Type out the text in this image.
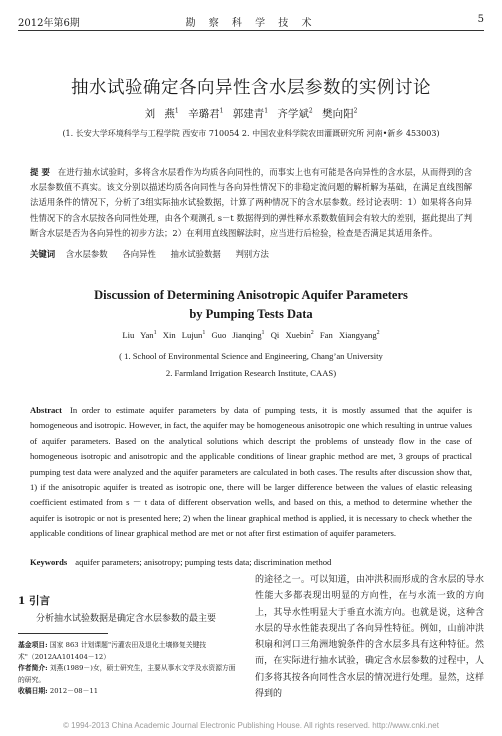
2012年第6期	勘 察 科 学 技 术	5
抽水试验确定各向异性含水层参数的实例讨论
刘 燕$^1$ 辛璐君$^1$ 郭建青$^1$ 齐学斌$^2$ 樊向阳$^2$
(1. 长安大学环境科学与工程学院 西安市 710054 2. 中国农业科学院农田灌溉研究所 河南•新乡 453003)
提 要 在进行抽水试验时，多将含水层看作为均质各向同性的，而事实上也有可能是各向异性的含水层，从而得到的含水层参数值不真实。该文分别以描述均质各向同性与各向异性情况下的非稳定流问题的解析解为基础，在满足直线图解法适用条件的情况下，分析了3组实际抽水试验数据，计算了两种情况下的含水层参数。经讨论表明：1）如果将各向异性情况下的含水层按各向同性处理，由各个观测孔 s－t 数据得到的弹性释水系数数值间会有较大的差别，据此提出了判断含水层是否为各向异性的初步方法；2）在利用直线图解法时，应当进行后检验，检查是否满足其适用条件。
关键词 含水层参数 各向异性 抽水试验数据 判别方法
Discussion of Determining Anisotropic Aquifer Parameters
by Pumping Tests Data
Liu Yan$^1$ Xin Lujun$^1$ Guo Jianqing$^1$ Qi Xuebin$^2$ Fan Xiangyang$^2$
( 1. School of Environmental Science and Engineering, Chang’an University
2. Farmland Irrigation Research Institute, CAAS)
Abstract In order to estimate aquifer parameters by data of pumping tests, it is mostly assumed that the aquifer is homogeneous and isotropic. However, in fact, the aquifer may be homogeneous anisotropic one which resulting in untrue values of aquifer parameters. Based on the analytical solutions which descript the problems of unsteady flow in the case of homogeneous isotropic and anisotropic and the applicable conditions of linear graphic method are met, 3 groups of practical pumping test data were analyzed and the aquifer parameters are calculated in both cases. The results after discussion show that, 1) if the anisotropic aquifer is treated as isotropic one, there will be larger difference between the values of elastic releasing coefficient estimated from s － t data of different observation wells, and based on this, a method to determine whether the aquifer is isotropic or not is presented here; 2) when the linear graphical method is applied, it is necessary to check whether the applicable conditions of linear graphical method are met or not after first estimation of aquifer parameters.
Keywords aquifer parameters; anisotropy; pumping tests data; discrimination method
1 引言
分析抽水试验数据是确定含水层参数的最主要
基金项目: 国家 863 计划课题"污灌农田及退化土壤修复关键技术"（2012AA101404－12）
作者简介: 刘燕(1989－)女，硕士研究生，主要从事水文学及水资源方面的研究。
收稿日期: 2012－08－11
的途径之一。可以知道，由冲洪积而形成的含水层的导水性能大多都表现出明显的方向性，在与水流一致的方向上，其导水性明显大于垂直水流方向。也就是说，这种含水层的导水性能表现出了各向异性特征。例如，山前冲洪积扇和河口三角洲地貌条件的含水层多具有这种特征。然而，在实际进行抽水试验，确定含水层参数的过程中，人们多将其按各向同性含水层的情况进行处理。显然，这样得到的
© 1994-2013 China Academic Journal Electronic Publishing House. All rights reserved. http://www.cnki.net
